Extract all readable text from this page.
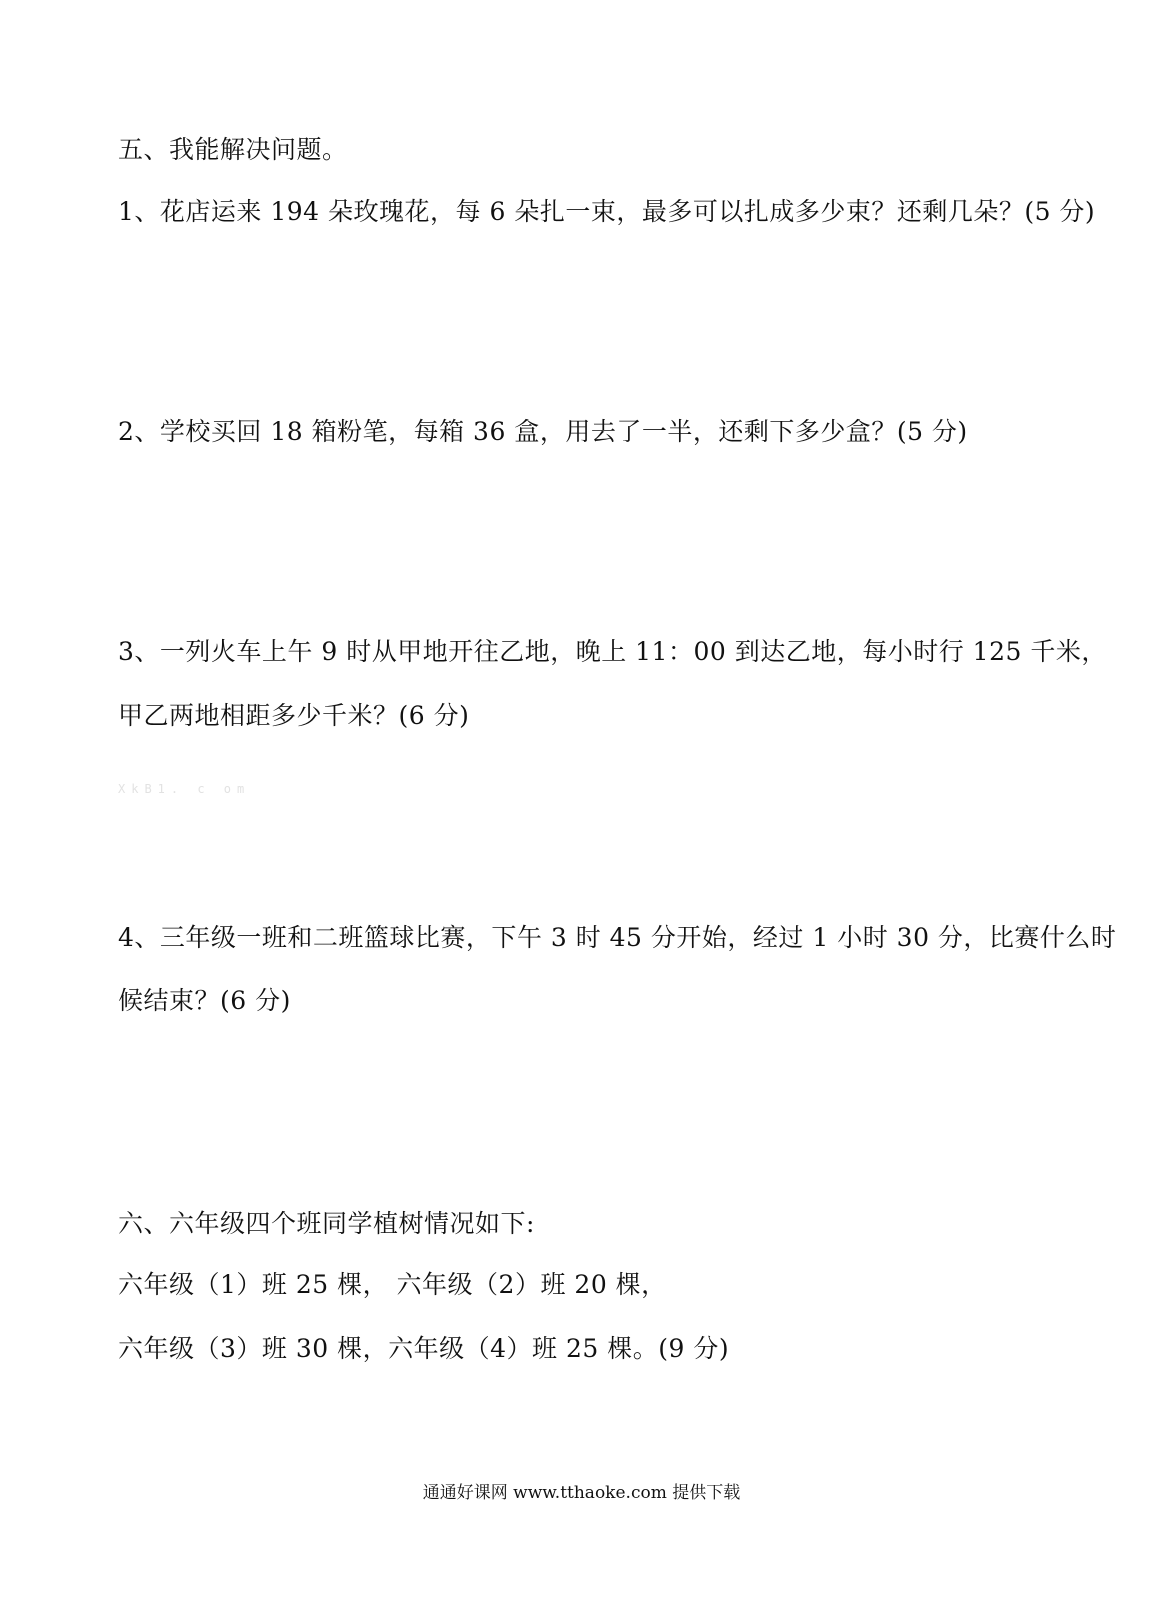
五、我能解决问题。
1、花店运来 194 朵玫瑰花，每 6 朵扎一束，最多可以扎成多少束？还剩几朵？(5 分)
2、学校买回 18 箱粉笔，每箱 36 盒，用去了一半，还剩下多少盒？(5 分)
3、一列火车上午 9 时从甲地开往乙地，晚上 11：00 到达乙地，每小时行 125 千米，
甲乙两地相距多少千米？(6 分)
XkB1. c om
4、三年级一班和二班篮球比赛，下午 3 时 45 分开始，经过 1 小时 30 分，比赛什么时
候结束？(6 分)
六、六年级四个班同学植树情况如下:
六年级（1）班 25 棵， 六年级（2）班 20 棵，
六年级（3）班 30 棵，六年级（4）班 25 棵。(9 分)
通通好课网 www.tthaoke.com 提供下载
